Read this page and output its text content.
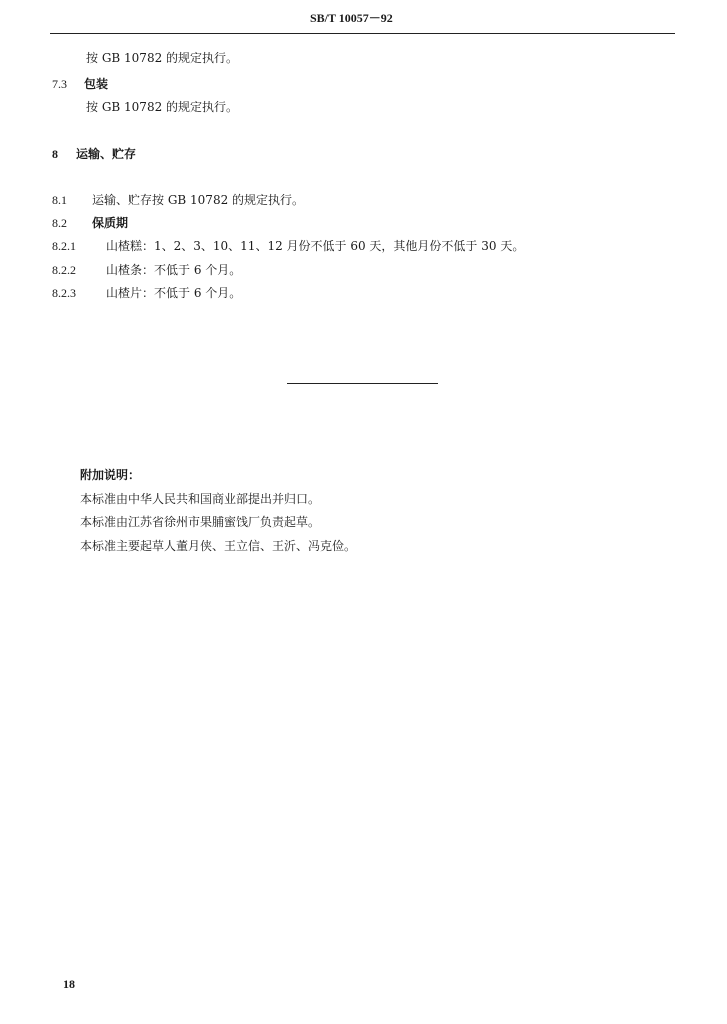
SB/T 10057－92
按 GB 10782 的规定执行。
7.3 包装
按 GB 10782 的规定执行。
8 运输、贮存
8.1 运输、贮存按 GB 10782 的规定执行。
8.2 保质期
8.2.1	山楂糕：1、2、3、10、11、12 月份不低于 60 天，其他月份不低于 30 天。
8.2.2	山楂条：不低于 6 个月。
8.2.3	山楂片：不低于 6 个月。
附加说明：
本标准由中华人民共和国商业部提出并归口。
本标准由江苏省徐州市果脯蜜饯厂负责起草。
本标准主要起草人董月侠、王立信、王沂、冯克俭。
18
